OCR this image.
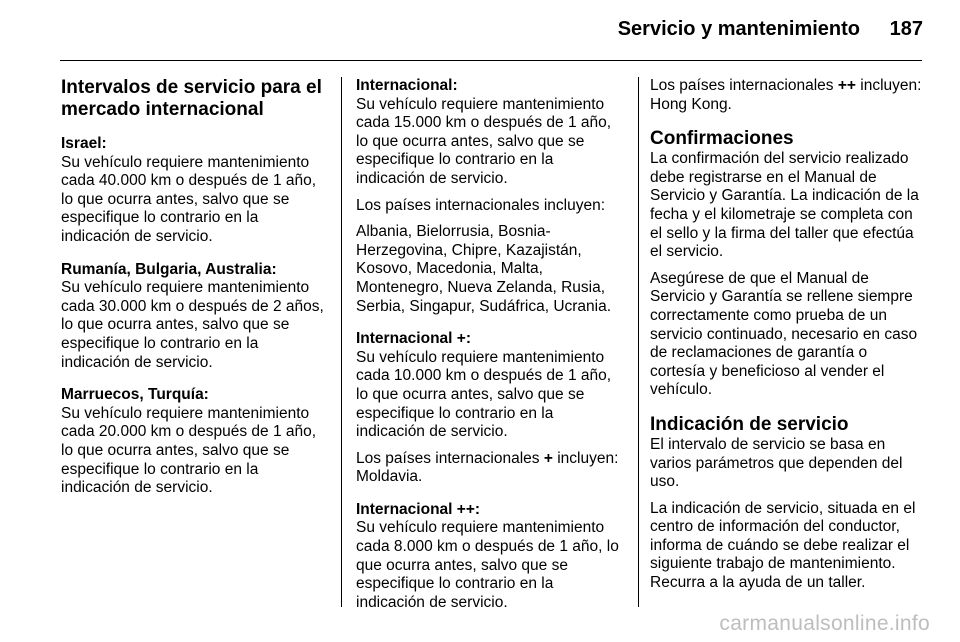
Servicio y mantenimiento	187
Intervalos de servicio para el
mercado internacional
Israel:
Su vehículo requiere mantenimiento cada 40.000 km o después de 1 año, lo que ocurra antes, salvo que se especifique lo contrario en la indicación de servicio.
Rumanía, Bulgaria, Australia:
Su vehículo requiere mantenimiento cada 30.000 km o después de 2 años, lo que ocurra antes, salvo que se especifique lo contrario en la indicación de servicio.
Marruecos, Turquía:
Su vehículo requiere mantenimiento cada 20.000 km o después de 1 año, lo que ocurra antes, salvo que se especifique lo contrario en la indicación de servicio.
Internacional:

Su vehículo requiere mantenimiento cada 15.000 km o después de 1 año, lo que ocurra antes, salvo que se especifique lo contrario en la indicación de servicio.

Los países internacionales incluyen:

Albania, Bielorrusia, Bosnia-Herzegovina, Chipre, Kazajistán, Kosovo, Macedonia, Malta, Montenegro, Nueva Zelanda, Rusia, Serbia, Singapur, Sudáfrica, Ucrania.

Internacional +:

Su vehículo requiere mantenimiento cada 10.000 km o después de 1 año, lo que ocurra antes, salvo que se especifique lo contrario en la indicación de servicio.

Los países internacionales + incluyen: Moldavia.

Internacional ++:

Su vehículo requiere mantenimiento cada 8.000 km o después de 1 año, lo que ocurra antes, salvo que se especifique lo contrario en la indicación de servicio.

Los países internacionales ++ incluyen: Hong Kong.

Confirmaciones

La confirmación del servicio realizado debe registrarse en el Manual de Servicio y Garantía. La indicación de la fecha y el kilometraje se completa con el sello y la firma del taller que efectúa el servicio.

Asegúrese de que el Manual de Servicio y Garantía se rellene siempre correctamente como prueba de un servicio continuado, necesario en caso de reclamaciones de garantía o cortesía y beneficioso al vender el vehículo.

Indicación de servicio

El intervalo de servicio se basa en varios parámetros que dependen del uso.

La indicación de servicio, situada en el centro de información del conductor, informa de cuándo se debe realizar el siguiente trabajo de mantenimiento. Recurra a la ayuda de un taller.

carmanualsonline.info
